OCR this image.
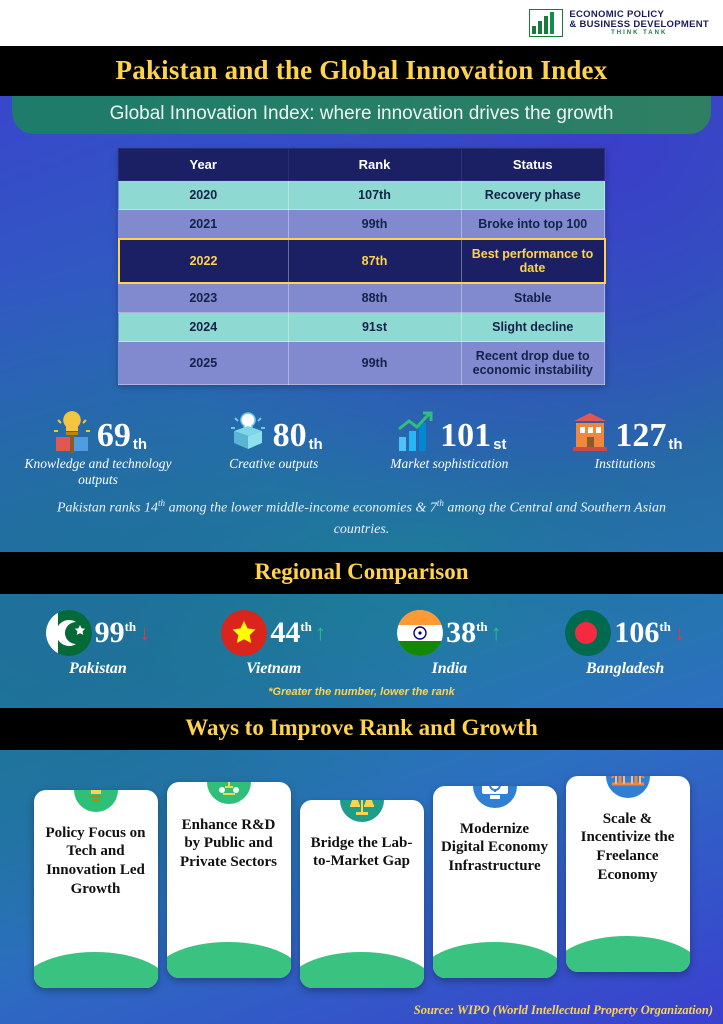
ECONOMIC POLICY
& BUSINESS DEVELOPMENT
THINK TANK
Pakistan and the Global Innovation Index
Global Innovation Index: where innovation drives the growth
Year	Rank	Status
2020	107th	Recovery phase
2021	99th	Broke into top 100
2022	87th	Best performance to date
2023	88th	Stable
2024	91st	Slight decline
2025	99th	Recent drop due to economic instability
69 th
Knowledge and technology outputs
80 th
Creative outputs
101 st
Market sophistication
127 th
Institutions
Pakistan ranks 14th among the lower middle-income economies & 7th among the Central and Southern Asian countries.
Regional Comparison
99th ↓
Pakistan
44th ↑
Vietnam
38th ↑
India
106th ↓
Bangladesh
*Greater the number, lower the rank
Ways to Improve Rank and Growth
Policy Focus on Tech and Innovation Led Growth
Enhance R&D by Public and Private Sectors
Bridge the Lab-to-Market Gap
Modernize Digital Economy Infrastructure
Scale & Incentivize the Freelance Economy
Source: WIPO (World Intellectual Property Organization)
